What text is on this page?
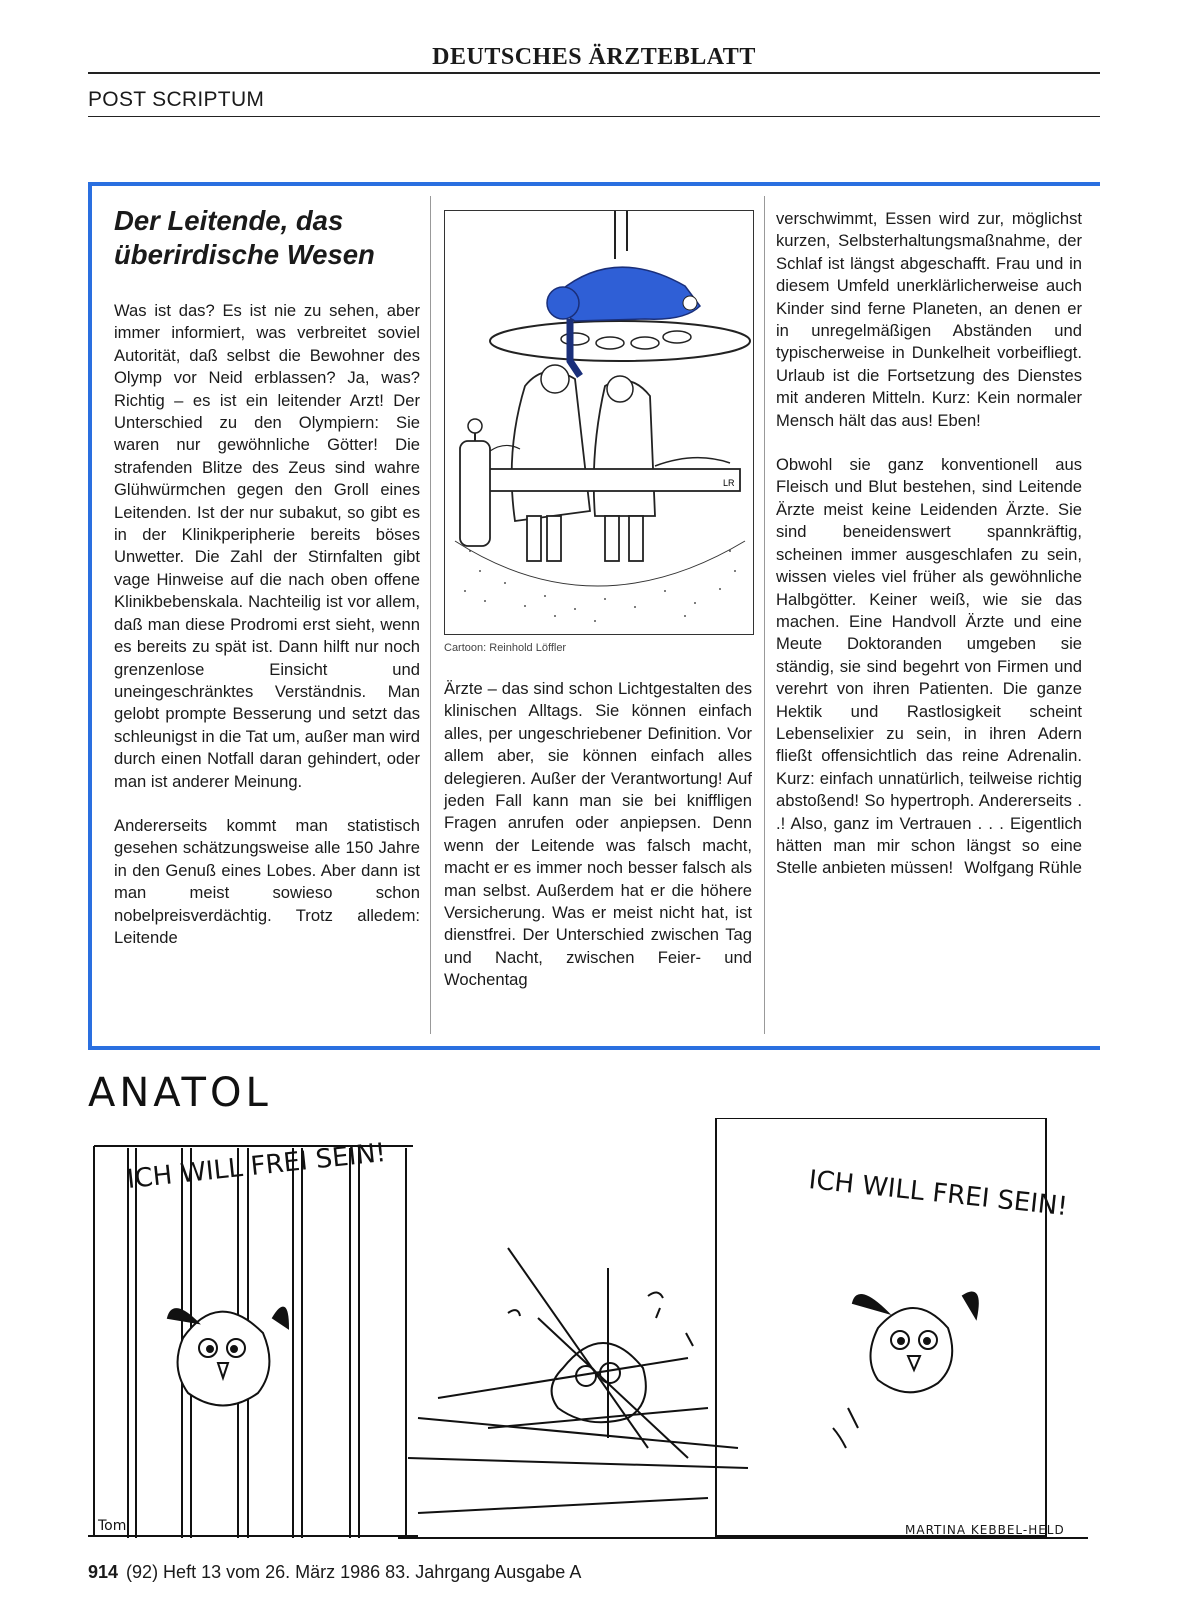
DEUTSCHES ÄRZTEBLATT
POST SCRIPTUM
Der Leitende, das überirdische Wesen

Was ist das? Es ist nie zu sehen, aber immer informiert, was verbreitet soviel Autorität, daß selbst die Bewohner des Olymp vor Neid erblassen? Ja, was? Richtig – es ist ein leitender Arzt! Der Unterschied zu den Olympiern: Sie waren nur gewöhnliche Götter! Die strafenden Blitze des Zeus sind wahre Glühwürmchen gegen den Groll eines Leitenden. Ist der nur subakut, so gibt es in der Klinikperipherie bereits böses Unwetter. Die Zahl der Stirnfalten gibt vage Hinweise auf die nach oben offene Klinikbebenskala. Nachteilig ist vor allem, daß man diese Prodromi erst sieht, wenn es bereits zu spät ist. Dann hilft nur noch grenzenlose Einsicht und uneingeschränktes Verständnis. Man gelobt prompte Besserung und setzt das schleunigst in die Tat um, außer man wird durch einen Notfall daran gehindert, oder man ist anderer Meinung.

Andererseits kommt man statistisch gesehen schätzungsweise alle 150 Jahre in den Genuß eines Lobes. Aber dann ist man meist sowieso schon nobelpreisverdächtig. Trotz alledem: Leitende

LR
Cartoon: Reinhold Löffler

Ärzte – das sind schon Lichtgestalten des klinischen Alltags. Sie können einfach alles, per ungeschriebener Definition. Vor allem aber, sie können einfach alles delegieren. Außer der Verantwortung! Auf jeden Fall kann man sie bei kniffligen Fragen anrufen oder anpiepsen. Denn wenn der Leitende was falsch macht, macht er es immer noch besser falsch als man selbst. Außerdem hat er die höhere Versicherung. Was er meist nicht hat, ist dienstfrei. Der Unterschied zwischen Tag und Nacht, zwischen Feier- und Wochentag

verschwimmt, Essen wird zur, möglichst kurzen, Selbsterhaltungsmaßnahme, der Schlaf ist längst abgeschafft. Frau und in diesem Umfeld unerklärlicherweise auch Kinder sind ferne Planeten, an denen er in unregelmäßigen Abständen und typischerweise in Dunkelheit vorbeifliegt. Urlaub ist die Fortsetzung des Dienstes mit anderen Mitteln. Kurz: Kein normaler Mensch hält das aus! Eben!

Obwohl sie ganz konventionell aus Fleisch und Blut bestehen, sind Leitende Ärzte meist keine Leidenden Ärzte. Sie sind beneidenswert spannkräftig, scheinen immer ausgeschlafen zu sein, wissen vieles viel früher als gewöhnliche Halbgötter. Keiner weiß, wie sie das machen. Eine Handvoll Ärzte und eine Meute Doktoranden umgeben sie ständig, sie sind begehrt von Firmen und verehrt von ihren Patienten. Die ganze Hektik und Rastlosigkeit scheint Lebenselixier zu sein, in ihren Adern fließt offensichtlich das reine Adrenalin. Kurz: einfach unnatürlich, teilweise richtig abstoßend! So hypertroph. Andererseits . .! Also, ganz im Vertrauen . . . Eigentlich hätten man mir schon längst so eine Stelle anbieten müssen! Wolfgang Rühle

ANATOL
ICH WILL FREI SEIN!	ICH WILL FREI SEIN!
Tom	MARTINA KEBBEL-HELD
914 (92) Heft 13 vom 26. März 1986 83. Jahrgang Ausgabe A
